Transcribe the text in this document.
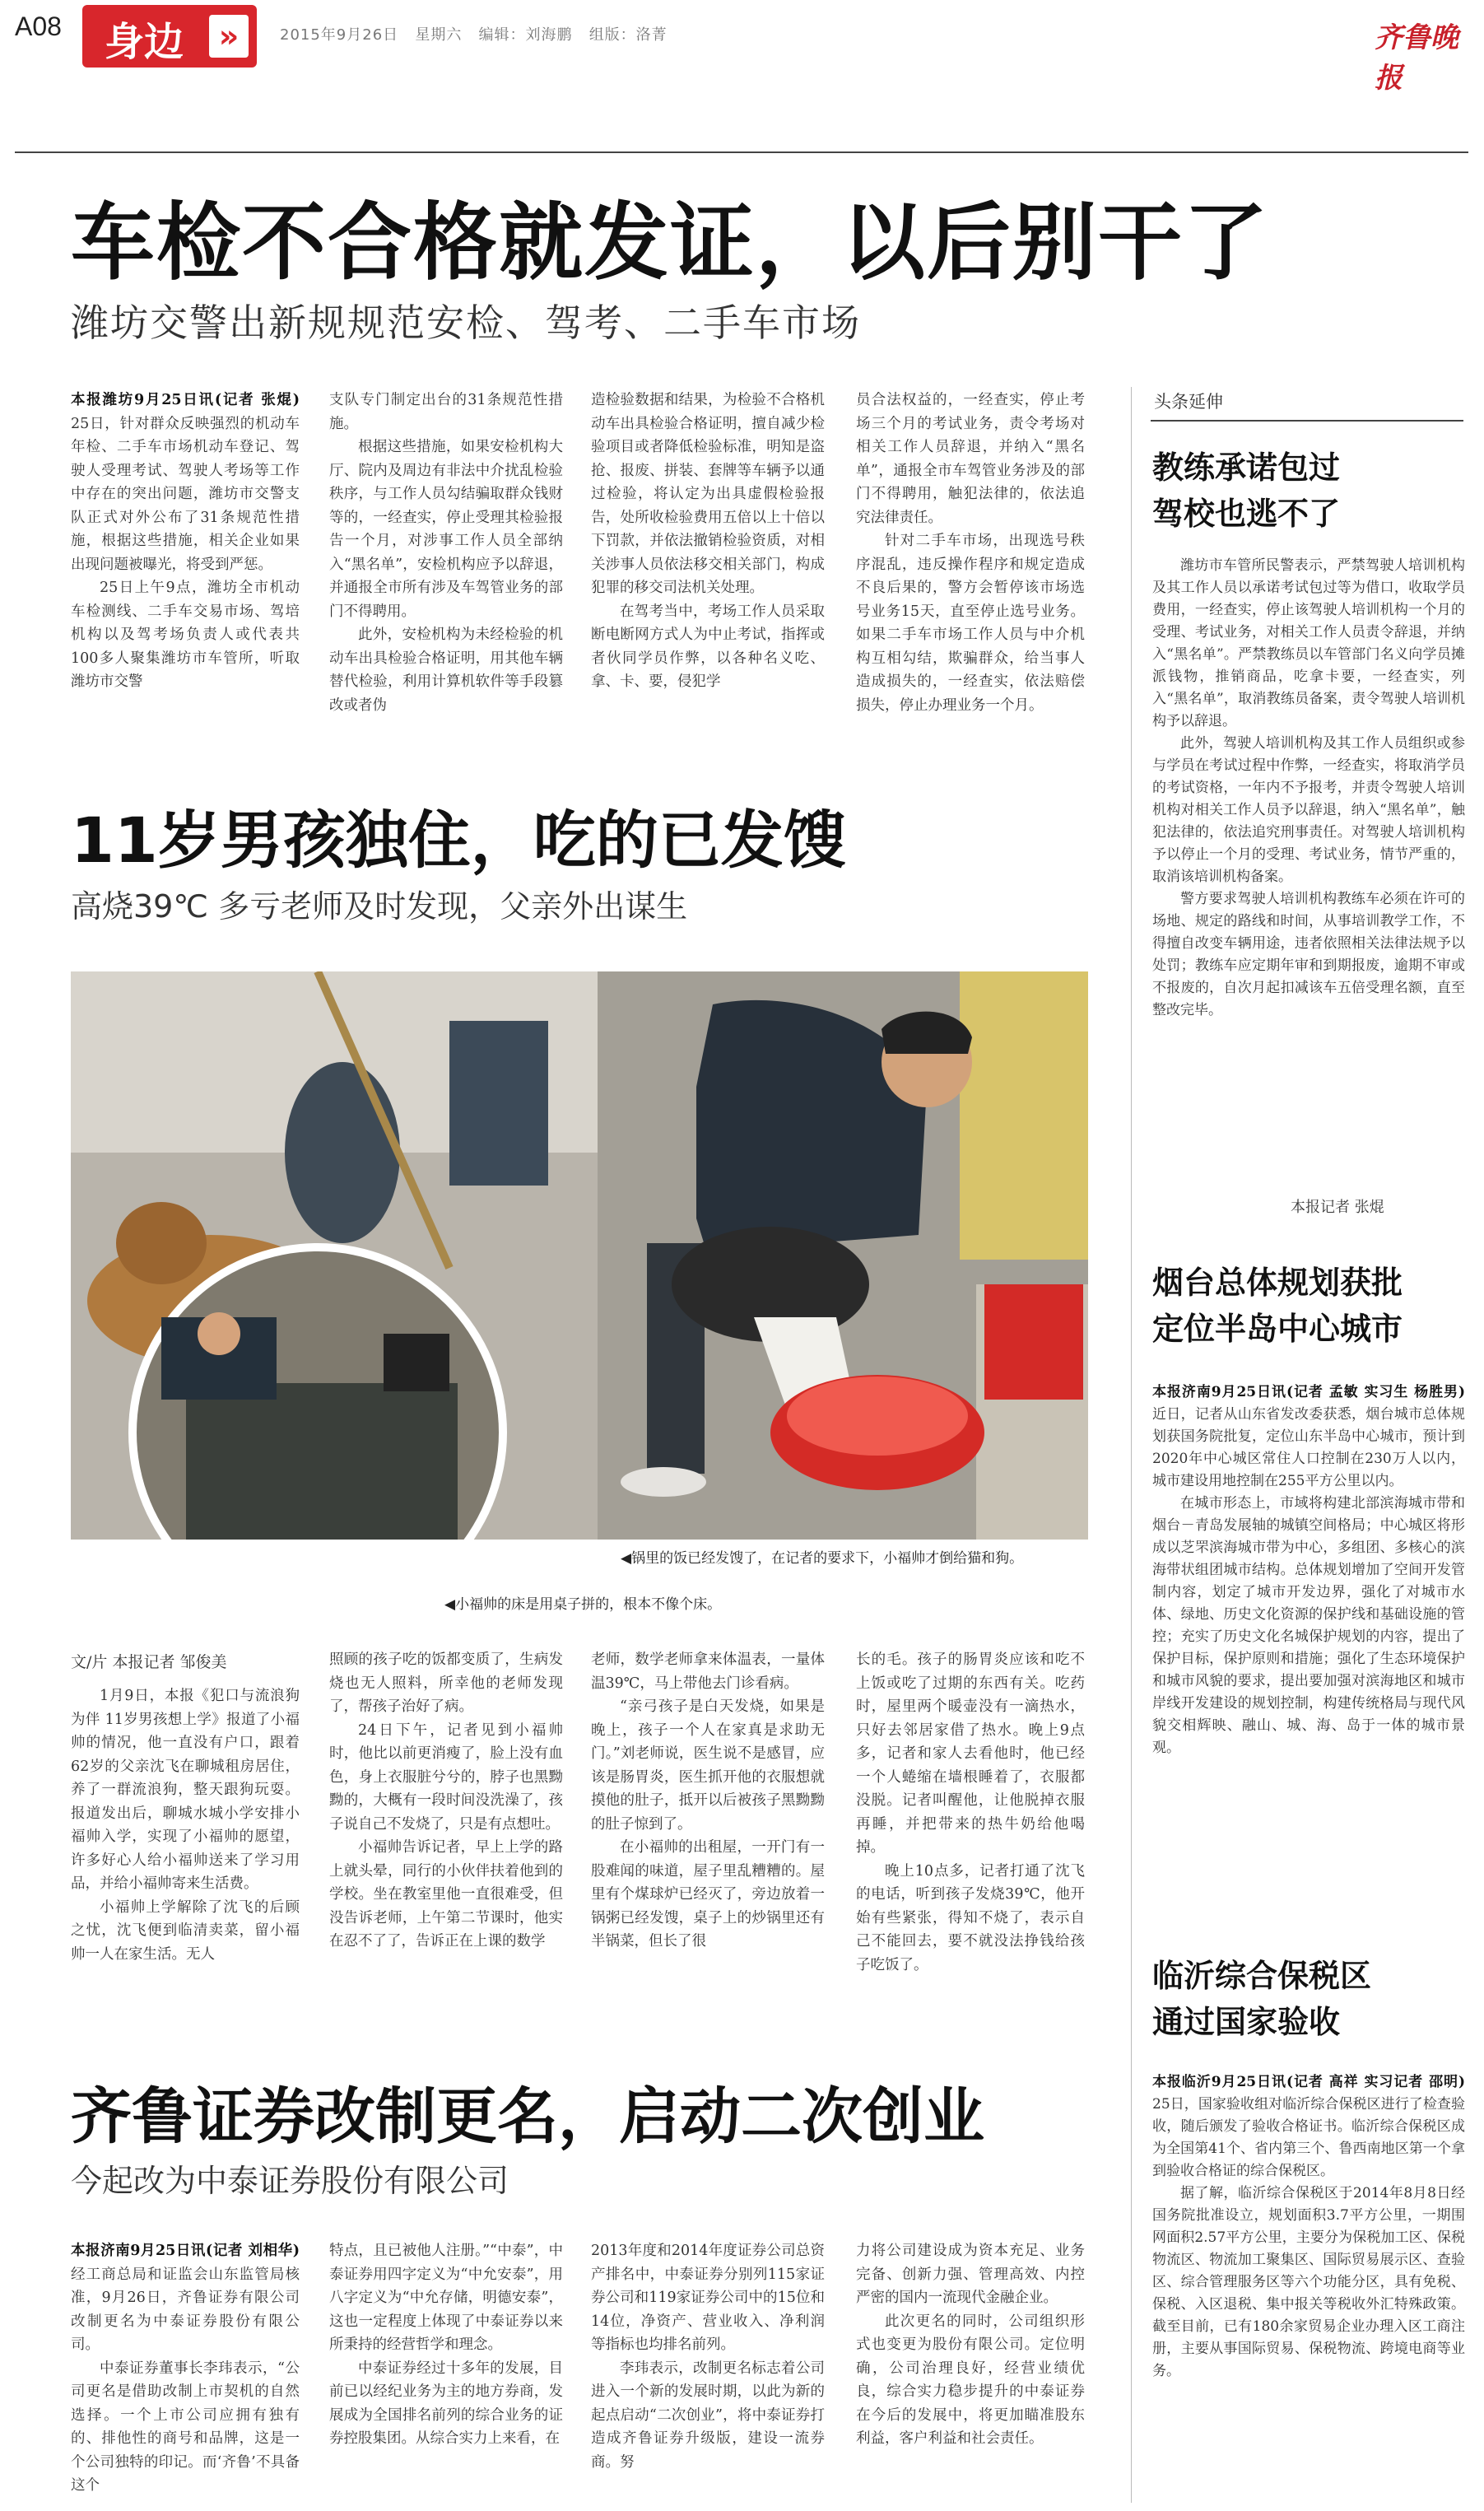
A08	身边	»	2015年9月26日 星期六 编辑：刘海鹏 组版：洛菁	齐鲁晚报
车检不合格就发证，以后别干了
潍坊交警出新规规范安检、驾考、二手车市场

本报潍坊9月25日讯(记者 张焜) 25日，针对群众反映强烈的机动车年检、二手车市场机动车登记、驾驶人受理考试、驾驶人考场等工作中存在的突出问题，潍坊市交警支队正式对外公布了31条规范性措施，根据这些措施，相关企业如果出现问题被曝光，将受到严惩。

25日上午9点，潍坊全市机动车检测线、二手车交易市场、驾培机构以及驾考场负责人或代表共100多人聚集潍坊市车管所，听取潍坊市交警

支队专门制定出台的31条规范性措施。

根据这些措施，如果安检机构大厅、院内及周边有非法中介扰乱检验秩序，与工作人员勾结骗取群众钱财等的，一经查实，停止受理其检验报告一个月，对涉事工作人员全部纳入“黑名单”，安检机构应予以辞退，并通报全市所有涉及车驾管业务的部门不得聘用。

此外，安检机构为未经检验的机动车出具检验合格证明，用其他车辆替代检验，利用计算机软件等手段篡改或者伪

造检验数据和结果，为检验不合格机动车出具检验合格证明，擅自减少检验项目或者降低检验标准，明知是盗抢、报废、拼装、套牌等车辆予以通过检验，将认定为出具虚假检验报告，处所收检验费用五倍以上十倍以下罚款，并依法撤销检验资质，对相关涉事人员依法移交相关部门，构成犯罪的移交司法机关处理。

在驾考当中，考场工作人员采取断电断网方式人为中止考试，指挥或者伙同学员作弊，以各种名义吃、拿、卡、要，侵犯学

员合法权益的，一经查实，停止考场三个月的考试业务，责令考场对相关工作人员辞退，并纳入“黑名单”，通报全市车驾管业务涉及的部门不得聘用，触犯法律的，依法追究法律责任。

针对二手车市场，出现选号秩序混乱，违反操作程序和规定造成不良后果的，警方会暂停该市场选号业务15天，直至停止选号业务。如果二手车市场工作人员与中介机构互相勾结，欺骗群众，给当事人造成损失的，一经查实，依法赔偿损失，停止办理业务一个月。

11岁男孩独住，吃的已发馊
高烧39℃ 多亏老师及时发现，父亲外出谋生
◀锅里的饭已经发馊了，在记者的要求下，小福帅才倒给猫和狗。
◀小福帅的床是用桌子拼的，根本不像个床。
文/片 本报记者 邹俊美

1月9日，本报《犯口与流浪狗为伴 11岁男孩想上学》报道了小福帅的情况，他一直没有户口，跟着62岁的父亲沈飞在聊城租房居住，养了一群流浪狗，整天跟狗玩耍。报道发出后，聊城水城小学安排小福帅入学，实现了小福帅的愿望，许多好心人给小福帅送来了学习用品，并给小福帅寄来生活费。

小福帅上学解除了沈飞的后顾之忧，沈飞便到临清卖菜，留小福帅一人在家生活。无人

照顾的孩子吃的饭都变质了，生病发烧也无人照料，所幸他的老师发现了，帮孩子治好了病。

24日下午，记者见到小福帅时，他比以前更消瘦了，脸上没有血色，身上衣服脏兮兮的，脖子也黑黝黝的，大概有一段时间没洗澡了，孩子说自己不发烧了，只是有点想吐。

小福帅告诉记者，早上上学的路上就头晕，同行的小伙伴扶着他到的学校。坐在教室里他一直很难受，但没告诉老师，上午第二节课时，他实在忍不了了，告诉正在上课的数学

老师，数学老师拿来体温表，一量体温39℃，马上带他去门诊看病。

“亲弓孩子是白天发烧，如果是晚上，孩子一个人在家真是求助无门。”刘老师说，医生说不是感冒，应该是肠胃炎，医生抓开他的衣服想就摸他的肚子，抵开以后被孩子黑黝黝的肚子惊到了。

在小福帅的出租屋，一开门有一股难闻的味道，屋子里乱糟糟的。屋里有个煤球炉已经灭了，旁边放着一锅粥已经发馊，桌子上的炒锅里还有半锅菜，但长了很

长的毛。孩子的肠胃炎应该和吃不上饭或吃了过期的东西有关。吃药时，屋里两个暖壶没有一滴热水，只好去邻居家借了热水。晚上9点多，记者和家人去看他时，他已经一个人蜷缩在墙根睡着了，衣服都没脱。记者叫醒他，让他脱掉衣服再睡，并把带来的热牛奶给他喝掉。

晚上10点多，记者打通了沈飞的电话，听到孩子发烧39℃，他开始有些紧张，得知不烧了，表示自己不能回去，要不就没法挣钱给孩子吃饭了。

齐鲁证券改制更名，启动二次创业
今起改为中泰证券股份有限公司

本报济南9月25日讯(记者 刘相华) 经工商总局和证监会山东监管局核准，9月26日，齐鲁证券有限公司改制更名为中泰证券股份有限公司。

中泰证券董事长李玮表示，“公司更名是借助改制上市契机的自然选择。一个上市公司应拥有独有的、排他性的商号和品牌，这是一个公司独特的印记。而‘齐鲁’不具备这个

特点，且已被他人注册。”“中泰”，中泰证券用四字定义为“中允安泰”，用八字定义为“中允存储，明德安泰”，这也一定程度上体现了中泰证券以来所秉持的经营哲学和理念。

中泰证券经过十多年的发展，目前已以经纪业务为主的地方券商，发展成为全国排名前列的综合业务的证券控股集团。从综合实力上来看，在

2013年度和2014年度证券公司总资产排名中，中泰证券分别列115家证券公司和119家证券公司中的15位和14位，净资产、营业收入、净利润等指标也均排名前列。

李玮表示，改制更名标志着公司进入一个新的发展时期，以此为新的起点启动“二次创业”，将中泰证券打造成齐鲁证券升级版，建设一流券商。努

力将公司建设成为资本充足、业务完备、创新力强、管理高效、内控严密的国内一流现代金融企业。

此次更名的同时，公司组织形式也变更为股份有限公司。定位明确，公司治理良好，经营业绩优良，综合实力稳步提升的中泰证券在今后的发展中，将更加瞄准股东利益，客户利益和社会责任。

头条延伸
教练承诺包过
驾校也逃不了

潍坊市车管所民警表示，严禁驾驶人培训机构及其工作人员以承诺考试包过等为借口，收取学员费用，一经查实，停止该驾驶人培训机构一个月的受理、考试业务，对相关工作人员责令辞退，并纳入“黑名单”。严禁教练员以车管部门名义向学员摊派钱物，推销商品，吃拿卡要，一经查实，列入“黑名单”，取消教练员备案，责令驾驶人培训机构予以辞退。

此外，驾驶人培训机构及其工作人员组织或参与学员在考试过程中作弊，一经查实，将取消学员的考试资格，一年内不予报考，并责令驾驶人培训机构对相关工作人员予以辞退，纳入“黑名单”，触犯法律的，依法追究刑事责任。对驾驶人培训机构予以停止一个月的受理、考试业务，情节严重的，取消该培训机构备案。

警方要求驾驶人培训机构教练车必须在许可的场地、规定的路线和时间，从事培训教学工作，不得擅自改变车辆用途，违者依照相关法律法规予以处罚；教练车应定期年审和到期报废，逾期不审或不报废的，自次月起扣减该车五倍受理名额，直至整改完毕。

本报记者 张焜
烟台总体规划获批
定位半岛中心城市

本报济南9月25日讯(记者 孟敏 实习生 杨胜男) 近日，记者从山东省发改委获悉，烟台城市总体规划获国务院批复，定位山东半岛中心城市，预计到2020年中心城区常住人口控制在230万人以内，城市建设用地控制在255平方公里以内。

在城市形态上，市域将构建北部滨海城市带和烟台－青岛发展轴的城镇空间格局；中心城区将形成以芝罘滨海城市带为中心，多组团、多核心的滨海带状组团城市结构。总体规划增加了空间开发管制内容，划定了城市开发边界，强化了对城市水体、绿地、历史文化资源的保护线和基础设施的管控；充实了历史文化名城保护规划的内容，提出了保护目标，保护原则和措施；强化了生态环境保护和城市风貌的要求，提出要加强对滨海地区和城市岸线开发建设的规划控制，构建传统格局与现代风貌交相辉映、融山、城、海、岛于一体的城市景观。

临沂综合保税区
通过国家验收

本报临沂9月25日讯(记者 高祥 实习记者 邵明) 25日，国家验收组对临沂综合保税区进行了检查验收，随后颁发了验收合格证书。临沂综合保税区成为全国第41个、省内第三个、鲁西南地区第一个拿到验收合格证的综合保税区。

据了解，临沂综合保税区于2014年8月8日经国务院批准设立，规划面积3.7平方公里，一期围网面积2.57平方公里，主要分为保税加工区、保税物流区、物流加工聚集区、国际贸易展示区、查验区、综合管理服务区等六个功能分区，具有免税、保税、入区退税、集中报关等税收外汇特殊政策。截至目前，已有180余家贸易企业办理入区工商注册，主要从事国际贸易、保税物流、跨境电商等业务。
